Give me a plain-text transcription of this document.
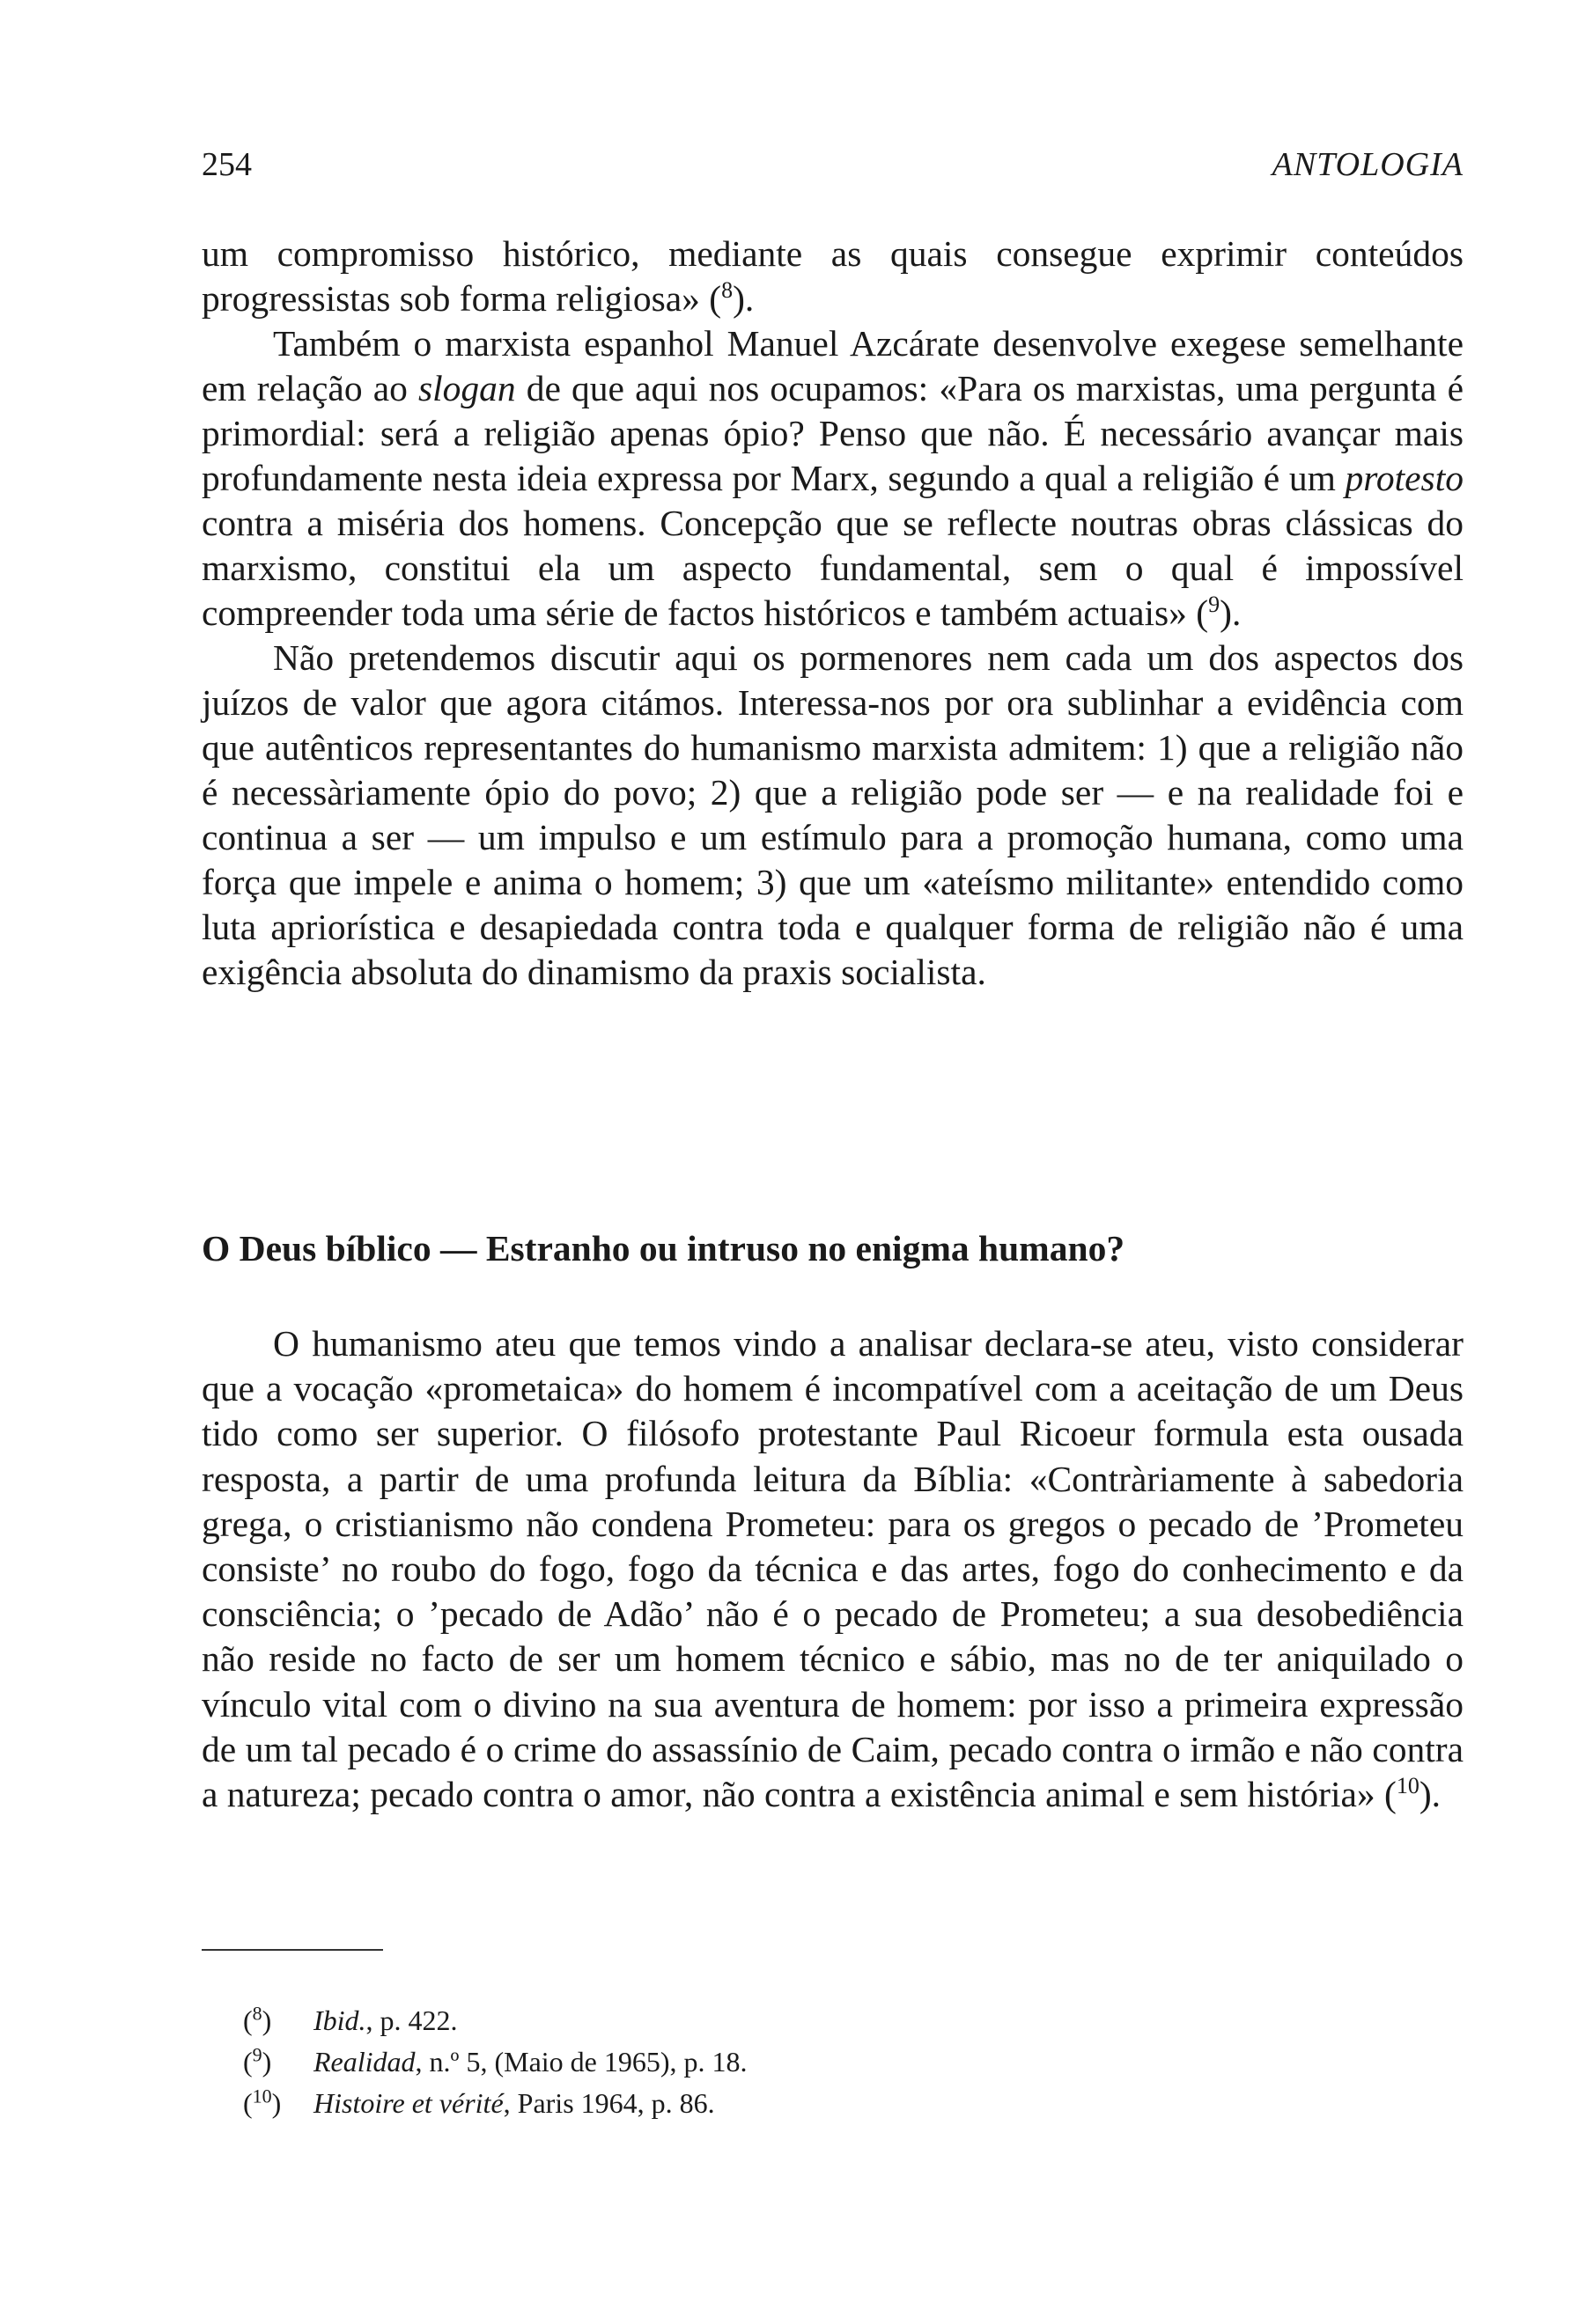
254	ANTOLOGIA

um compromisso histórico, mediante as quais consegue exprimir conteúdos progressistas sob forma religiosa» ($^8$).

Também o marxista espanhol Manuel Azcárate desenvolve exegese semelhante em relação ao slogan de que aqui nos ocupamos: «Para os marxistas, uma pergunta é primordial: será a religião apenas ópio? Penso que não. É necessário avançar mais profundamente nesta ideia expressa por Marx, segundo a qual a religião é um protesto contra a miséria dos homens. Concepção que se reflecte noutras obras clássicas do marxismo, constitui ela um aspecto fundamental, sem o qual é impossível compreender toda uma série de factos históricos e também actuais» ($^9$).

Não pretendemos discutir aqui os pormenores nem cada um dos aspectos dos juízos de valor que agora citámos. Interessa-nos por ora sublinhar a evidência com que autênticos representantes do humanismo marxista admitem: 1) que a religião não é necessàriamente ópio do povo; 2) que a religião pode ser — e na realidade foi e continua a ser — um impulso e um estímulo para a promoção humana, como uma força que impele e anima o homem; 3) que um «ateísmo militante» entendido como luta apriorística e desapiedada contra toda e qualquer forma de religião não é uma exigência absoluta do dinamismo da praxis socialista.

O Deus bíblico — Estranho ou intruso no enigma humano?

O humanismo ateu que temos vindo a analisar declara-se ateu, visto considerar que a vocação «prometaica» do homem é incompatível com a aceitação de um Deus tido como ser superior. O filósofo protestante Paul Ricoeur formula esta ousada resposta, a partir de uma profunda leitura da Bíblia: «Contràriamente à sabedoria grega, o cristianismo não condena Prometeu: para os gregos o pecado de ’Prometeu consiste’ no roubo do fogo, fogo da técnica e das artes, fogo do conhecimento e da consciência; o ’pecado de Adão’ não é o pecado de Prometeu; a sua desobediência não reside no facto de ser um homem técnico e sábio, mas no de ter aniquilado o vínculo vital com o divino na sua aventura de homem: por isso a primeira expressão de um tal pecado é o crime do assassínio de Caim, pecado contra o irmão e não contra a natureza; pecado contra o amor, não contra a existência animal e sem história» ($^{10}$).

($^8$) Ibid., p. 422.
($^9$) Realidad, n.º 5, (Maio de 1965), p. 18.
($^{10}$) Histoire et vérité, Paris 1964, p. 86.
